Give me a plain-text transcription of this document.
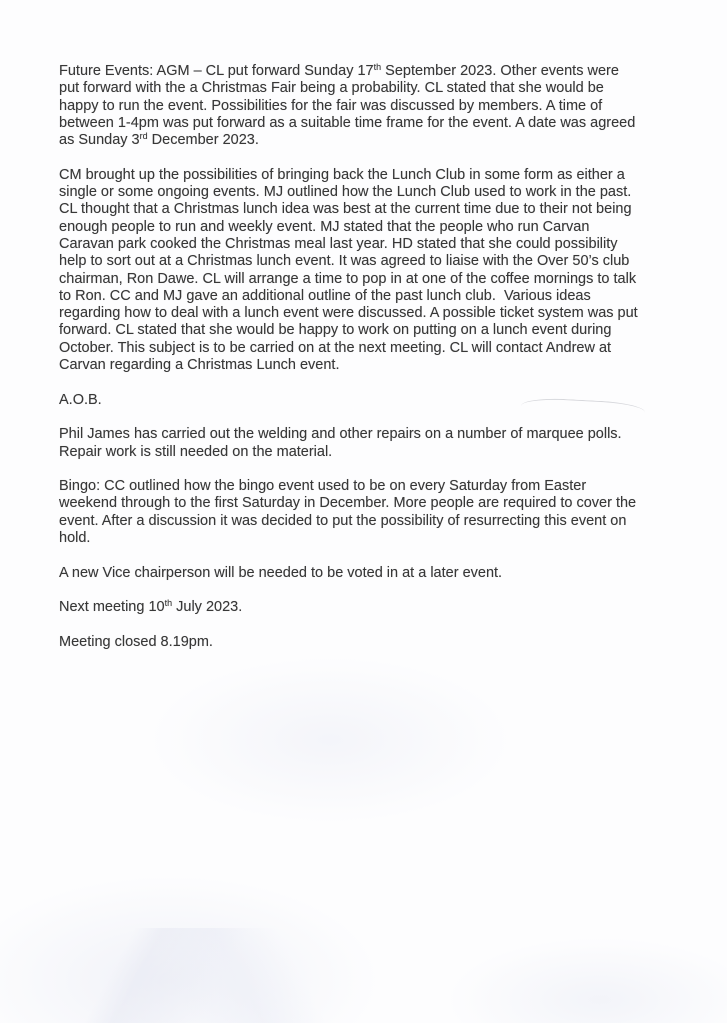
Future Events: AGM – CL put forward Sunday 17th September 2023. Other events were
put forward with the a Christmas Fair being a probability. CL stated that she would be
happy to run the event. Possibilities for the fair was discussed by members. A time of
between 1-4pm was put forward as a suitable time frame for the event. A date was agreed
as Sunday 3rd December 2023.
CM brought up the possibilities of bringing back the Lunch Club in some form as either a
single or some ongoing events. MJ outlined how the Lunch Club used to work in the past.
CL thought that a Christmas lunch idea was best at the current time due to their not being
enough people to run and weekly event. MJ stated that the people who run Carvan
Caravan park cooked the Christmas meal last year. HD stated that she could possibility
help to sort out at a Christmas lunch event. It was agreed to liaise with the Over 50’s club
chairman, Ron Dawe. CL will arrange a time to pop in at one of the coffee mornings to talk
to Ron. CC and MJ gave an additional outline of the past lunch club.  Various ideas
regarding how to deal with a lunch event were discussed. A possible ticket system was put
forward. CL stated that she would be happy to work on putting on a lunch event during
October. This subject is to be carried on at the next meeting. CL will contact Andrew at
Carvan regarding a Christmas Lunch event.
A.O.B.
Phil James has carried out the welding and other repairs on a number of marquee polls.
Repair work is still needed on the material.
Bingo: CC outlined how the bingo event used to be on every Saturday from Easter
weekend through to the first Saturday in December. More people are required to cover the
event. After a discussion it was decided to put the possibility of resurrecting this event on
hold.
A new Vice chairperson will be needed to be voted in at a later event.
Next meeting 10th July 2023.
Meeting closed 8.19pm.
